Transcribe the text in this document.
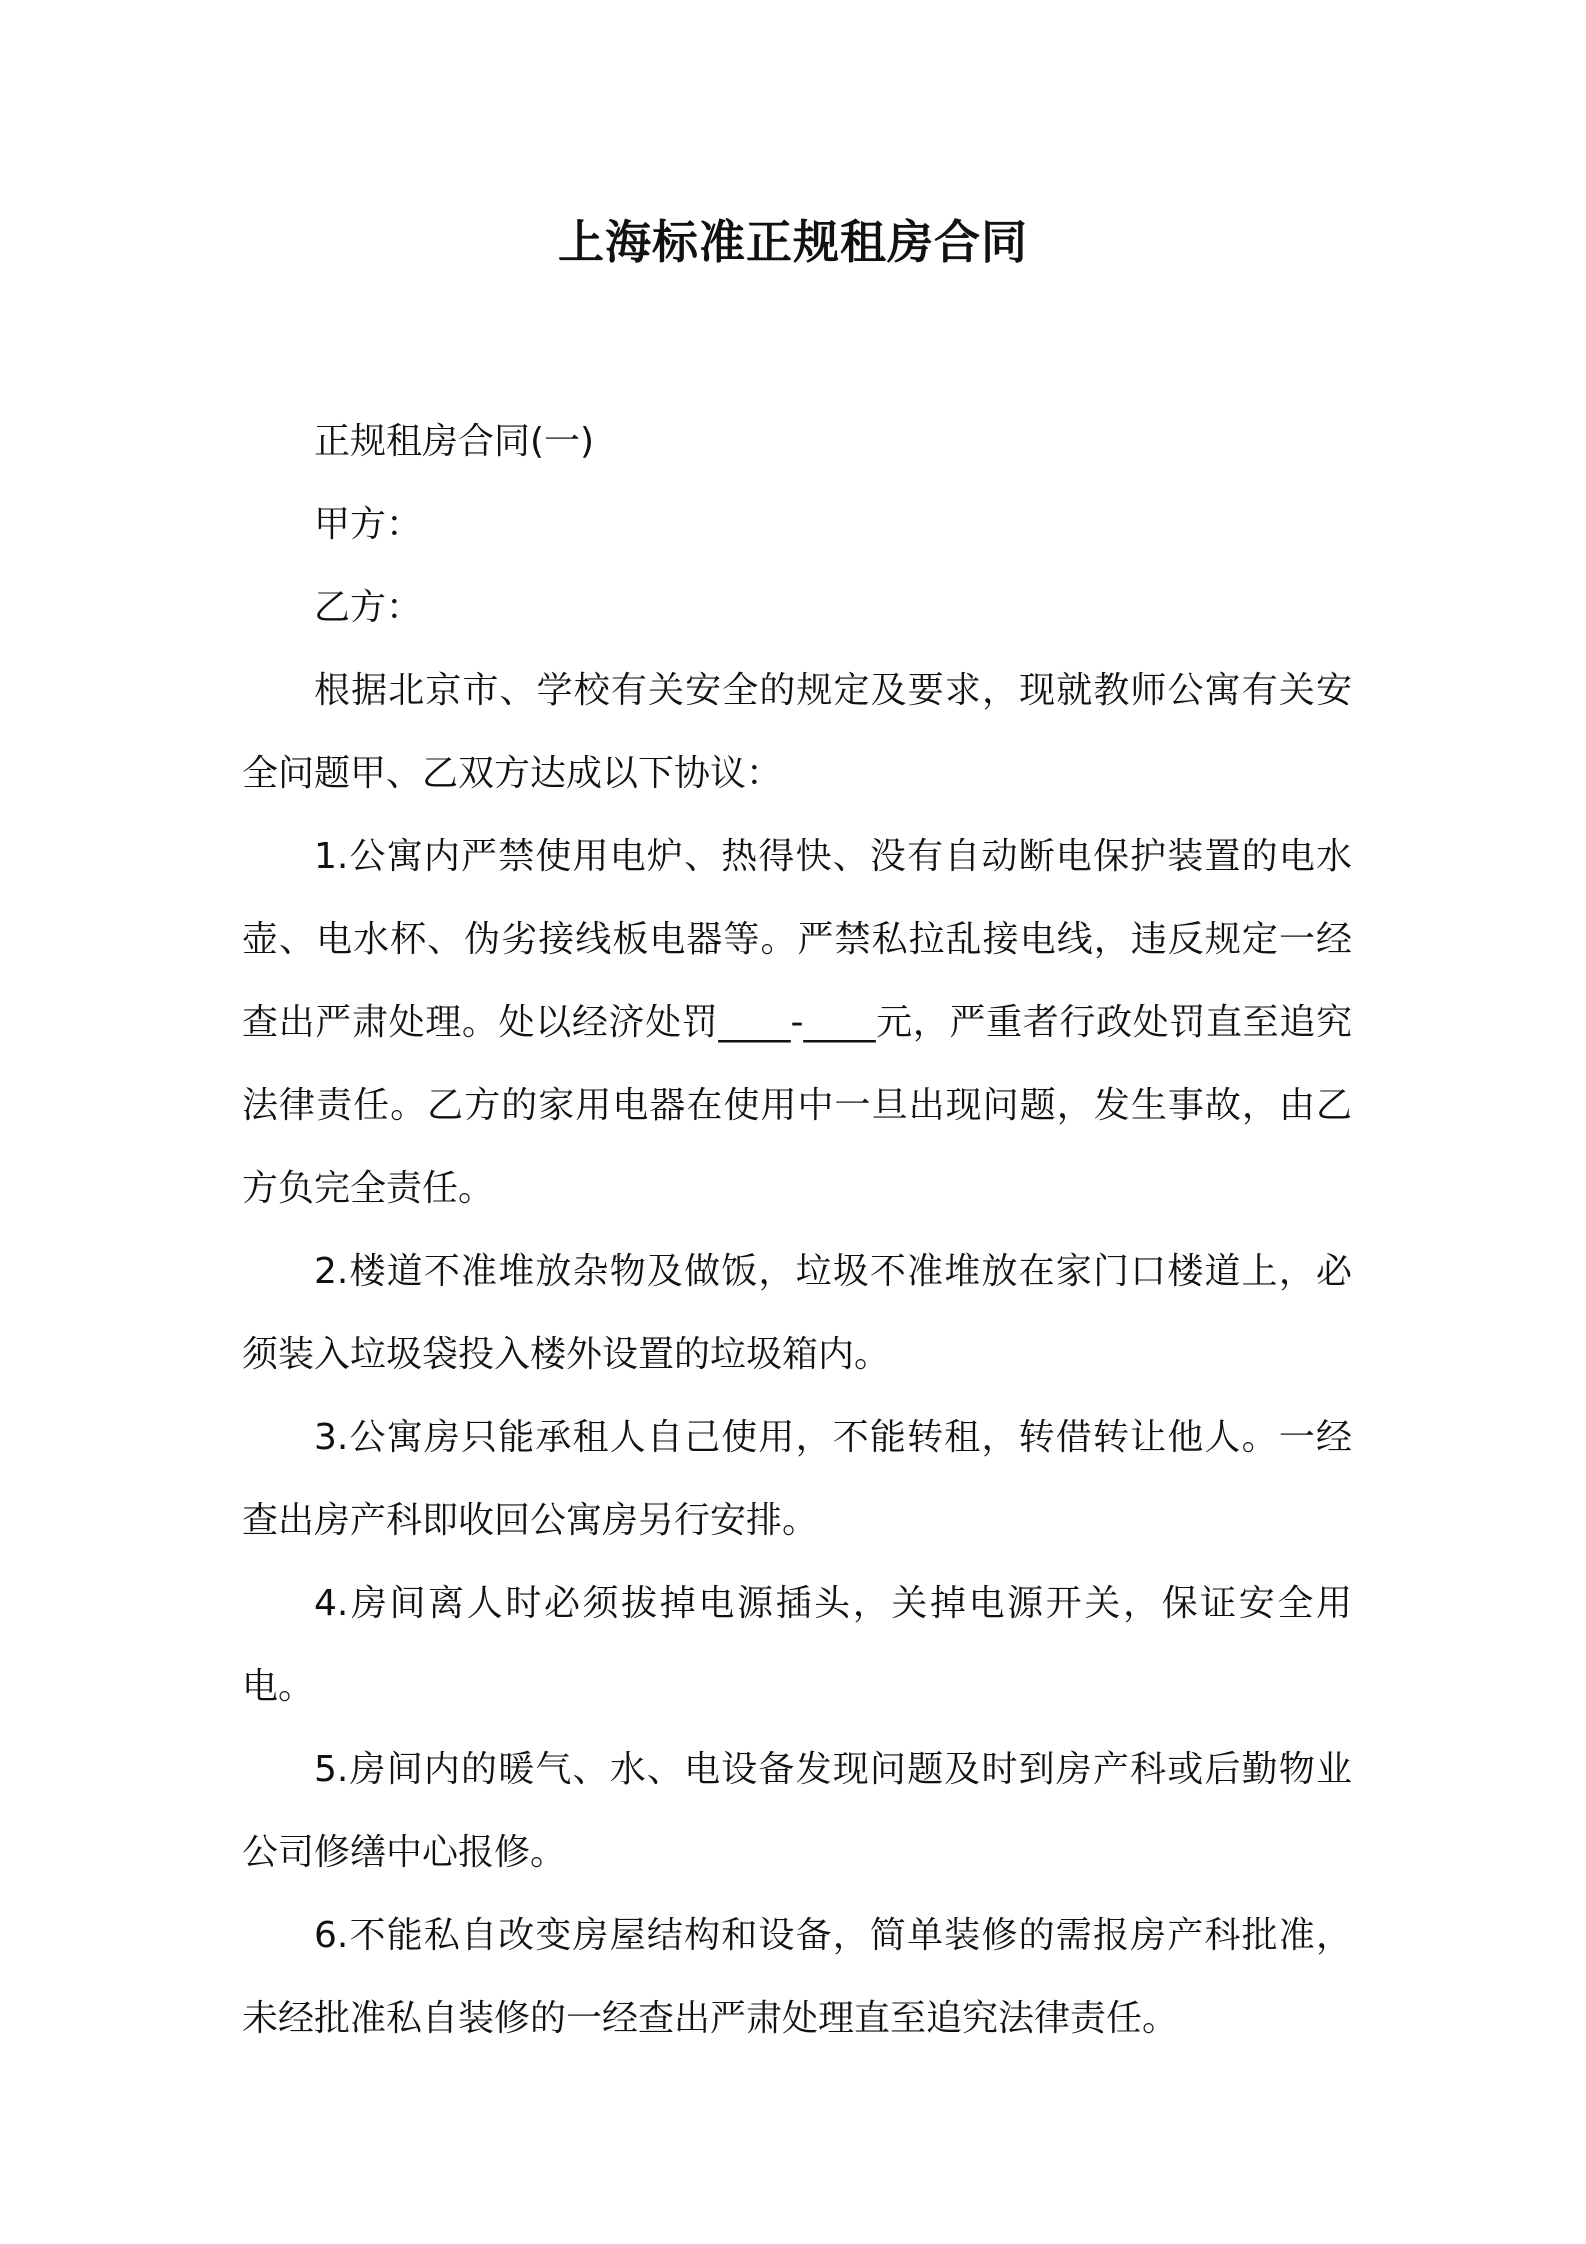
上海标准正规租房合同

正规租房合同(一)

甲方：

乙方：

根据北京市、学校有关安全的规定及要求，现就教师公寓有关安全问题甲、乙双方达成以下协议：

1.公寓内严禁使用电炉、热得快、没有自动断电保护装置的电水壶、电水杯、伪劣接线板电器等。严禁私拉乱接电线，违反规定一经查出严肃处理。处以经济处罚____-____元，严重者行政处罚直至追究法律责任。乙方的家用电器在使用中一旦出现问题，发生事故，由乙方负完全责任。

2.楼道不准堆放杂物及做饭，垃圾不准堆放在家门口楼道上，必须装入垃圾袋投入楼外设置的垃圾箱内。

3.公寓房只能承租人自己使用，不能转租，转借转让他人。一经查出房产科即收回公寓房另行安排。

4.房间离人时必须拔掉电源插头，关掉电源开关，保证安全用电。

5.房间内的暖气、水、电设备发现问题及时到房产科或后勤物业公司修缮中心报修。

6.不能私自改变房屋结构和设备，简单装修的需报房产科批准，未经批准私自装修的一经查出严肃处理直至追究法律责任。
